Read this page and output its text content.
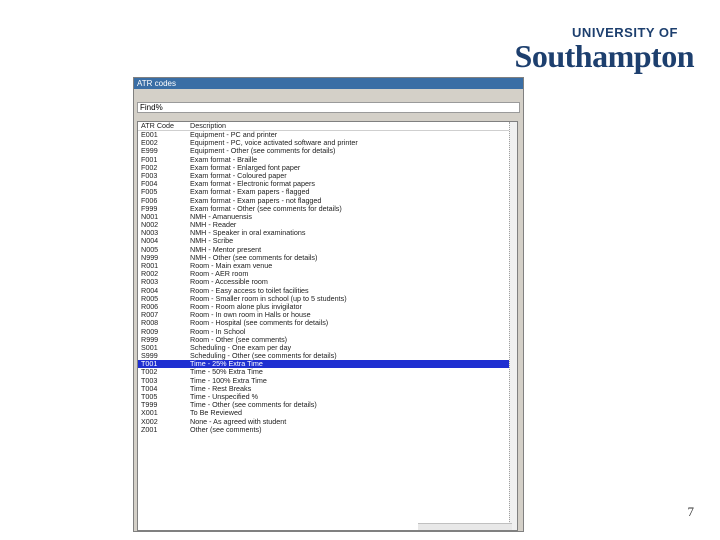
UNIVERSITY OF
Southampton
ATR codes
Find%
ATR Code	Description
E001	Equipment - PC and printer
E002	Equipment - PC, voice activated software and printer
E999	Equipment - Other (see comments for details)
F001	Exam format - Braille
F002	Exam format - Enlarged font paper
F003	Exam format - Coloured paper
F004	Exam format - Electronic format papers
F005	Exam format - Exam papers - flagged
F006	Exam format - Exam papers - not flagged
F999	Exam format - Other (see comments for details)
N001	NMH - Amanuensis
N002	NMH - Reader
N003	NMH - Speaker in oral examinations
N004	NMH - Scribe
N005	NMH - Mentor present
N999	NMH - Other (see comments for details)
R001	Room - Main exam venue
R002	Room - AER room
R003	Room - Accessible room
R004	Room - Easy access to toilet facilities
R005	Room - Smaller room in school (up to 5 students)
R006	Room - Room alone plus invigilator
R007	Room - In own room in Halls or house
R008	Room - Hospital (see comments for details)
R009	Room - In School
R999	Room - Other (see comments)
S001	Scheduling - One exam per day
S999	Scheduling - Other (see comments for details)
T001	Time - 25% Extra Time
T002	Time - 50% Extra Time
T003	Time - 100% Extra Time
T004	Time - Rest Breaks
T005	Time - Unspecified %
T999	Time - Other (see comments for details)
X001	To Be Reviewed
X002	None - As agreed with student
Z001	Other (see comments)
7
